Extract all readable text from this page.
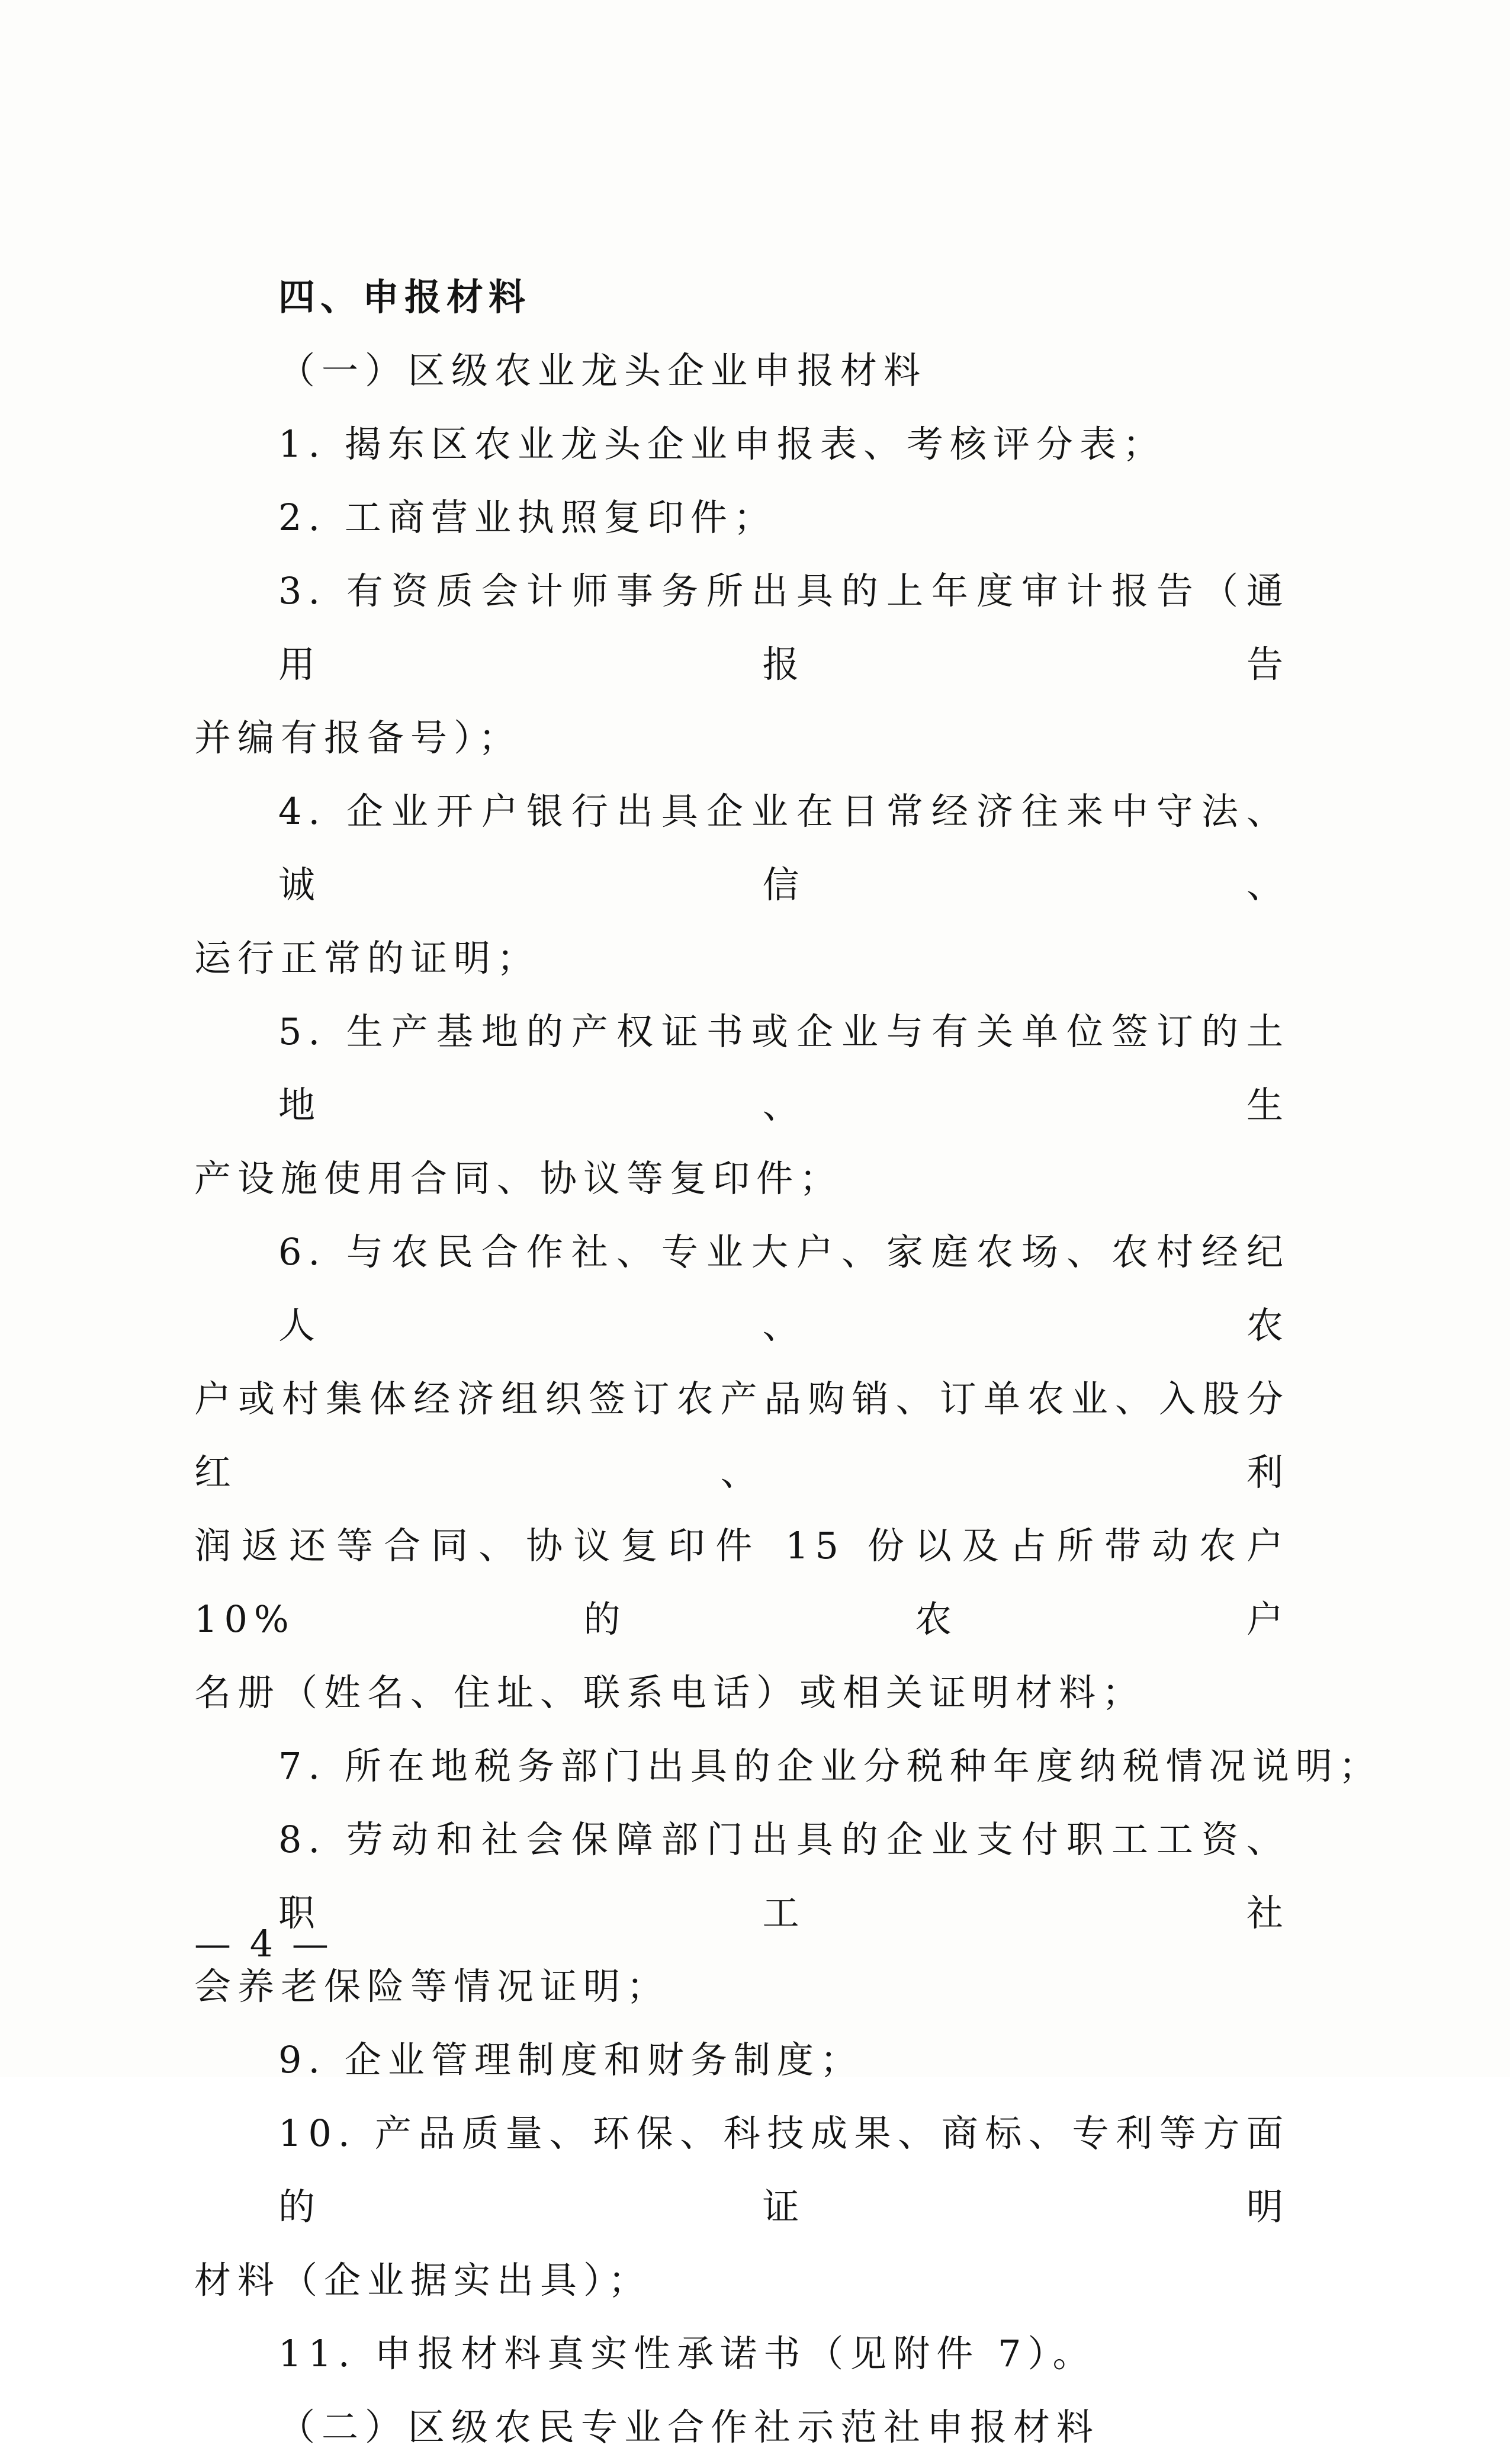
四、申报材料
（一）区级农业龙头企业申报材料
1. 揭东区农业龙头企业申报表、考核评分表；
2. 工商营业执照复印件；
3. 有资质会计师事务所出具的上年度审计报告（通用报告
并编有报备号）；
4. 企业开户银行出具企业在日常经济往来中守法、诚信、
运行正常的证明；
5. 生产基地的产权证书或企业与有关单位签订的土地、生
产设施使用合同、协议等复印件；
6. 与农民合作社、专业大户、家庭农场、农村经纪人、农
户或村集体经济组织签订农产品购销、订单农业、入股分红、利
润返还等合同、协议复印件 15 份以及占所带动农户 10%的农户
名册（姓名、住址、联系电话）或相关证明材料；
7. 所在地税务部门出具的企业分税种年度纳税情况说明；
8. 劳动和社会保障部门出具的企业支付职工工资、职工社
会养老保险等情况证明；
9. 企业管理制度和财务制度；
10. 产品质量、环保、科技成果、商标、专利等方面的证明
材料（企业据实出具）；
11. 申报材料真实性承诺书（见附件 7）。
（二）区级农民专业合作社示范社申报材料
— 4 —
